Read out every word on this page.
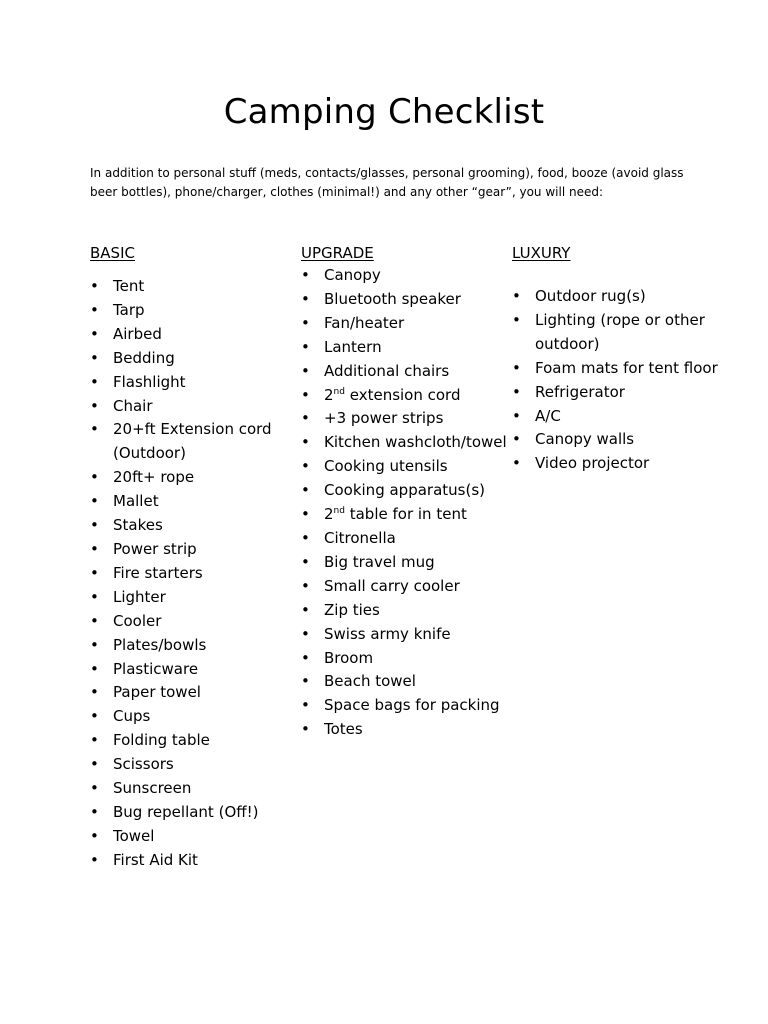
Camping Checklist

In addition to personal stuff (meds, contacts/glasses, personal grooming), food, booze (avoid glass beer bottles), phone/charger, clothes (minimal!) and any other “gear”, you will need:

BASIC
• Tent
• Tarp
• Airbed
• Bedding
• Flashlight
• Chair
• 20+ft Extension cord (Outdoor)
• 20ft+ rope
• Mallet
• Stakes
• Power strip
• Fire starters
• Lighter
• Cooler
• Plates/bowls
• Plasticware
• Paper towel
• Cups
• Folding table
• Scissors
• Sunscreen
• Bug repellant (Off!)
• Towel
• First Aid Kit
UPGRADE
• Canopy
• Bluetooth speaker
• Fan/heater
• Lantern
• Additional chairs
• 2nd extension cord
• +3 power strips
• Kitchen washcloth/towel
• Cooking utensils
• Cooking apparatus(s)
• 2nd table for in tent
• Citronella
• Big travel mug
• Small carry cooler
• Zip ties
• Swiss army knife
• Broom
• Beach towel
• Space bags for packing
• Totes
LUXURY
• Outdoor rug(s)
• Lighting (rope or other outdoor)
• Foam mats for tent floor
• Refrigerator
• A/C
• Canopy walls
• Video projector
